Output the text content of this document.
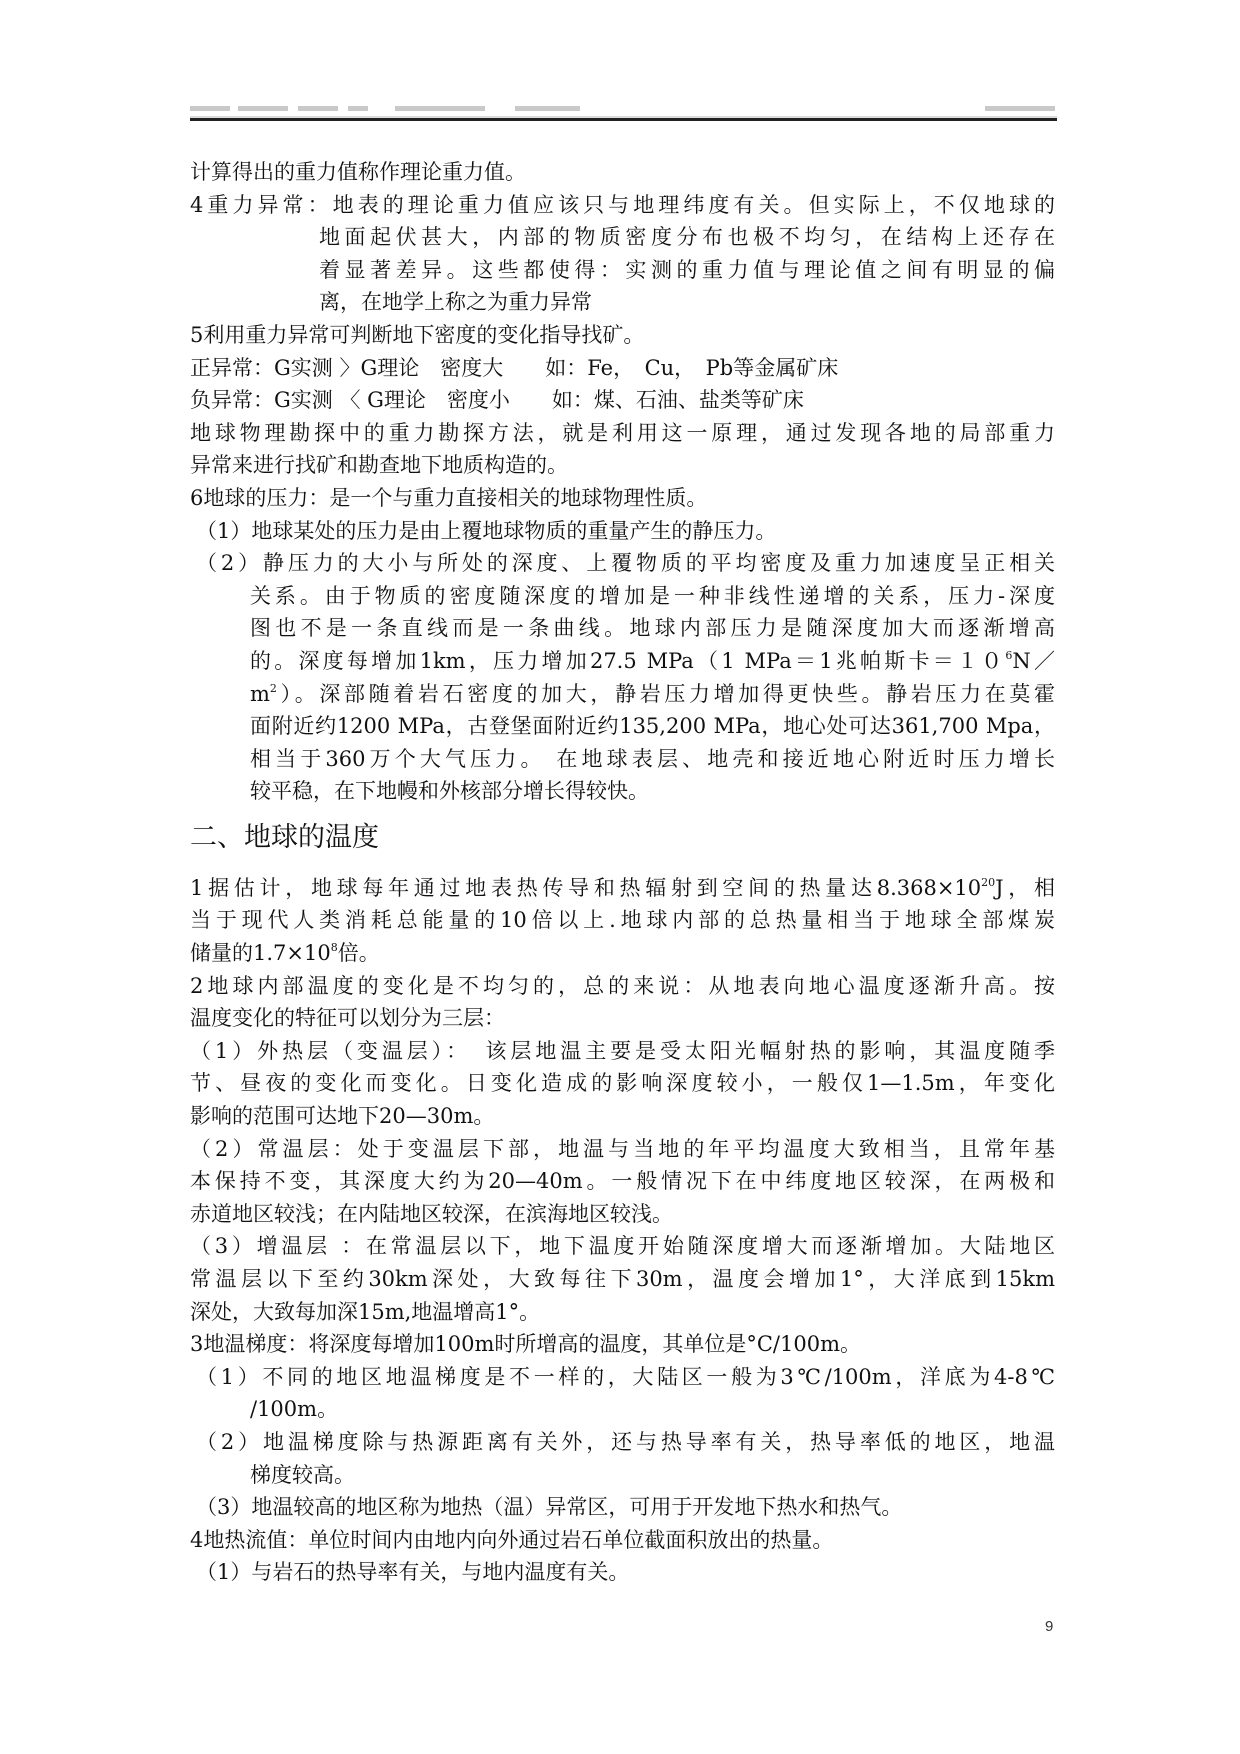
计算得出的重力值称作理论重力值。
4重力异常：地表的理论重力值应该只与地理纬度有关。但实际上，不仅地球的
地面起伏甚大，内部的物质密度分布也极不均匀，在结构上还存在
着显著差异。这些都使得：实测的重力值与理论值之间有明显的偏
离，在地学上称之为重力异常
5利用重力异常可判断地下密度的变化指导找矿。
正异常：G实测 〉G理论　密度大　　如：Fe，　Cu，　Pb等金属矿床
负异常：G实测 〈 G理论　密度小　　如：煤、石油、盐类等矿床
地球物理勘探中的重力勘探方法，就是利用这一原理，通过发现各地的局部重力
异常来进行找矿和勘查地下地质构造的。
6地球的压力：是一个与重力直接相关的地球物理性质。
（1）地球某处的压力是由上覆地球物质的重量产生的静压力。
（2）静压力的大小与所处的深度、上覆物质的平均密度及重力加速度呈正相关
关系。由于物质的密度随深度的增加是一种非线性递增的关系，压力-深度
图也不是一条直线而是一条曲线。地球内部压力是随深度加大而逐渐增高
的。深度每增加1km，压力增加27.5 MPa（1 MPa＝1兆帕斯卡$=10^6N/$
$m^2$）。深部随着岩石密度的加大，静岩压力增加得更快些。静岩压力在莫霍
面附近约1200 MPa，古登堡面附近约135,200 MPa，地心处可达361,700 Mpa，
相当于360万个大气压力。 在地球表层、地壳和接近地心附近时压力增长
较平稳，在下地幔和外核部分增长得较快。
二、地球的温度
1据估计，地球每年通过地表热传导和热辐射到空间的热量达$8.368\times 10^{20}J$，相
当于现代人类消耗总能量的10倍以上.地球内部的总热量相当于地球全部煤炭
储量的$1.7\times 10^8$倍。
2地球内部温度的变化是不均匀的，总的来说：从地表向地心温度逐渐升高。按
温度变化的特征可以划分为三层：
（1）外热层（变温层）：　该层地温主要是受太阳光幅射热的影响，其温度随季
节、昼夜的变化而变化。日变化造成的影响深度较小，一般仅1—1.5m，年变化
影响的范围可达地下20—30m。
（2）常温层：处于变温层下部，地温与当地的年平均温度大致相当，且常年基
本保持不变，其深度大约为20—40m。一般情况下在中纬度地区较深，在两极和
赤道地区较浅；在内陆地区较深，在滨海地区较浅。
（3）增温层 ：在常温层以下，地下温度开始随深度增大而逐渐增加。大陆地区
常温层以下至约30km深处，大致每往下30m，温度会增加1°，大洋底到15km
深处，大致每加深15m,地温增高1°。
3地温梯度：将深度每增加100m时所增高的温度，其单位是°C/100m。
（1）不同的地区地温梯度是不一样的，大陆区一般为3℃/100m，洋底为4-8℃
/100m。
（2）地温梯度除与热源距离有关外，还与热导率有关，热导率低的地区，地温
梯度较高。
（3）地温较高的地区称为地热（温）异常区，可用于开发地下热水和热气。
4地热流值：单位时间内由地内向外通过岩石单位截面积放出的热量。
（1）与岩石的热导率有关，与地内温度有关。
9
